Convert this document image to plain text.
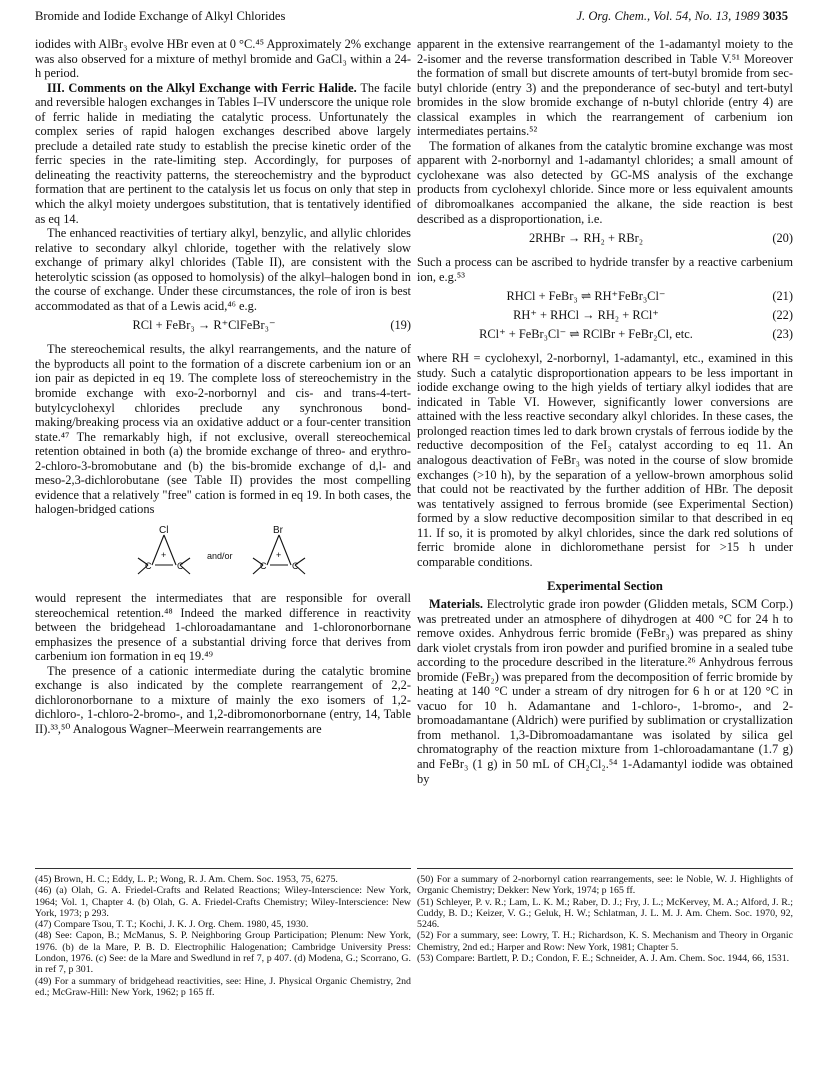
Bromide and Iodide Exchange of Alkyl Chlorides	J. Org. Chem., Vol. 54, No. 13, 1989 3035

iodides with AlBr₃ evolve HBr even at 0 °C.⁴⁵ Approximately 2% exchange was also observed for a mixture of methyl bromide and GaCl₃ within a 24-h period.

III. Comments on the Alkyl Exchange with Ferric Halide. The facile and reversible halogen exchanges in Tables I–IV underscore the unique role of ferric halide in mediating the catalytic process. Unfortunately the complex series of rapid halogen exchanges described above largely preclude a detailed rate study to establish the precise kinetic order of the ferric species in the rate-limiting step. Accordingly, for purposes of delineating the reactivity patterns, the stereochemistry and the byproduct formation that are pertinent to the catalysis let us focus on only that step in which the alkyl moiety undergoes substitution, that is tentatively identified as eq 14.

The enhanced reactivities of tertiary alkyl, benzylic, and allylic chlorides relative to secondary alkyl chloride, together with the relatively slow exchange of primary alkyl chlorides (Table II), are consistent with the heterolytic scission (as opposed to homolysis) of the alkyl–halogen bond in the course of exchange. Under these circumstances, the role of iron is best accommodated as that of a Lewis acid,⁴⁶ e.g.

RCl + FeBr₃ → R⁺ClFeBr₃⁻	(19)

The stereochemical results, the alkyl rearrangements, and the nature of the byproducts all point to the formation of a discrete carbenium ion or an ion pair as depicted in eq 19. The complete loss of stereochemistry in the bromide exchange with exo-2-norbornyl and cis- and trans-4-tert-butylcyclohexyl chlorides preclude any synchronous bond-making/breaking process via an oxidative adduct or a four-center transition state.⁴⁷ The remarkably high, if not exclusive, overall stereochemical retention obtained in both (a) the bromide exchange of threo- and erythro-2-chloro-3-bromobutane and (b) the bis-bromide exchange of d,l- and meso-2,3-dichlorobutane (see Table II) provides the most compelling evidence that a relatively "free" cation is formed in eq 19. In both cases, the halogen-bridged cations

Cl
+
C	C
and/or
Br
+
C	C

would represent the intermediates that are responsible for overall stereochemical retention.⁴⁸ Indeed the marked difference in reactivity between the bridgehead 1-chloroadamantane and 1-chloronorbornane emphasizes the presence of a substantial driving force that derives from carbenium ion formation in eq 19.⁴⁹

The presence of a cationic intermediate during the catalytic bromine exchange is also indicated by the complete rearrangement of 2,2-dichloronorbornane to a mixture of mainly the exo isomers of 1,2-dichloro-, 1-chloro-2-bromo-, and 1,2-dibromonorbornane (entry, 14, Table II).³³,⁵⁰ Analogous Wagner–Meerwein rearrangements are

apparent in the extensive rearrangement of the 1-adamantyl moiety to the 2-isomer and the reverse transformation described in Table V.⁵¹ Moreover the formation of small but discrete amounts of tert-butyl bromide from sec-butyl chloride (entry 3) and the preponderance of sec-butyl and tert-butyl bromides in the slow bromide exchange of n-butyl chloride (entry 4) are classical examples in which the rearrangement of carbenium ion intermediates pertains.⁵²

The formation of alkanes from the catalytic bromine exchange was most apparent with 2-norbornyl and 1-adamantyl chlorides; a small amount of cyclohexane was also detected by GC-MS analysis of the exchange products from cyclohexyl chloride. Since more or less equivalent amounts of dibromoalkanes accompanied the alkane, the side reaction is best described as a disproportionation, i.e.

2RHBr → RH₂ + RBr₂	(20)

Such a process can be ascribed to hydride transfer by a reactive carbenium ion, e.g.⁵³

RHCl + FeBr₃ ⇌ RH⁺FeBr₃Cl⁻	(21)
RH⁺ + RHCl → RH₂ + RCl⁺	(22)
RCl⁺ + FeBr₃Cl⁻ ⇌ RClBr + FeBr₂Cl, etc.	(23)

where RH = cyclohexyl, 2-norbornyl, 1-adamantyl, etc., examined in this study. Such a catalytic disproportionation appears to be less important in iodide exchange owing to the high yields of tertiary alkyl iodides that are indicated in Table VI. However, significantly lower conversions are attained with the less reactive secondary alkyl chlorides. In these cases, the prolonged reaction times led to dark brown crystals of ferrous iodide by the reductive decomposition of the FeI₃ catalyst according to eq 11. An analogous deactivation of FeBr₃ was noted in the course of slow bromide exchanges (>10 h), by the separation of a yellow-brown amorphous solid that could not be reactivated by the further addition of HBr. The deposit was tentatively assigned to ferrous bromide (see Experimental Section) formed by a slow reductive decomposition similar to that described in eq 11. If so, it is promoted by alkyl chlorides, since the dark red solutions of ferric bromide alone in dichloromethane persist for >15 h under comparable conditions.

Experimental Section

Materials. Electrolytic grade iron powder (Glidden metals, SCM Corp.) was pretreated under an atmosphere of dihydrogen at 400 °C for 24 h to remove oxides. Anhydrous ferric bromide (FeBr₃) was prepared as shiny dark violet crystals from iron powder and purified bromine in a sealed tube according to the procedure described in the literature.²⁶ Anhydrous ferrous bromide (FeBr₂) was prepared from the decomposition of ferric bromide by heating at 140 °C under a stream of dry nitrogen for 6 h or at 120 °C in vacuo for 10 h. Adamantane and 1-chloro-, 1-bromo-, and 2-bromoadamantane (Aldrich) were purified by sublimation or crystallization from methanol. 1,3-Dibromoadamantane was isolated by silica gel chromatography of the reaction mixture from 1-chloroadamantane (1.7 g) and FeBr₃ (1 g) in 50 mL of CH₂Cl₂.⁵⁴ 1-Adamantyl iodide was obtained by

(45) Brown, H. C.; Eddy, L. P.; Wong, R. J. Am. Chem. Soc. 1953, 75, 6275.
(46) (a) Olah, G. A. Friedel-Crafts and Related Reactions; Wiley-Interscience: New York, 1964; Vol. 1, Chapter 4. (b) Olah, G. A. Friedel-Crafts Chemistry; Wiley-Interscience: New York, 1973; p 293.
(47) Compare Tsou, T. T.; Kochi, J. K. J. Org. Chem. 1980, 45, 1930.
(48) See: Capon, B.; McManus, S. P. Neighboring Group Participation; Plenum: New York, 1976. (b) de la Mare, P. B. D. Electrophilic Halogenation; Cambridge University Press: London, 1976. (c) See: de la Mare and Swedlund in ref 7, p 407. (d) Modena, G.; Scorrano, G. in ref 7, p 301.
(49) For a summary of bridgehead reactivities, see: Hine, J. Physical Organic Chemistry, 2nd ed.; McGraw-Hill: New York, 1962; p 165 ff.
(50) For a summary of 2-norbornyl cation rearrangements, see: le Noble, W. J. Highlights of Organic Chemistry; Dekker: New York, 1974; p 165 ff.
(51) Schleyer, P. v. R.; Lam, L. K. M.; Raber, D. J.; Fry, J. L.; McKervey, M. A.; Alford, J. R.; Cuddy, B. D.; Keizer, V. G.; Geluk, H. W.; Schlatman, J. L. M. J. Am. Chem. Soc. 1970, 92, 5246.
(52) For a summary, see: Lowry, T. H.; Richardson, K. S. Mechanism and Theory in Organic Chemistry, 2nd ed.; Harper and Row: New York, 1981; Chapter 5.
(53) Compare: Bartlett, P. D.; Condon, F. E.; Schneider, A. J. Am. Chem. Soc. 1944, 66, 1531.
